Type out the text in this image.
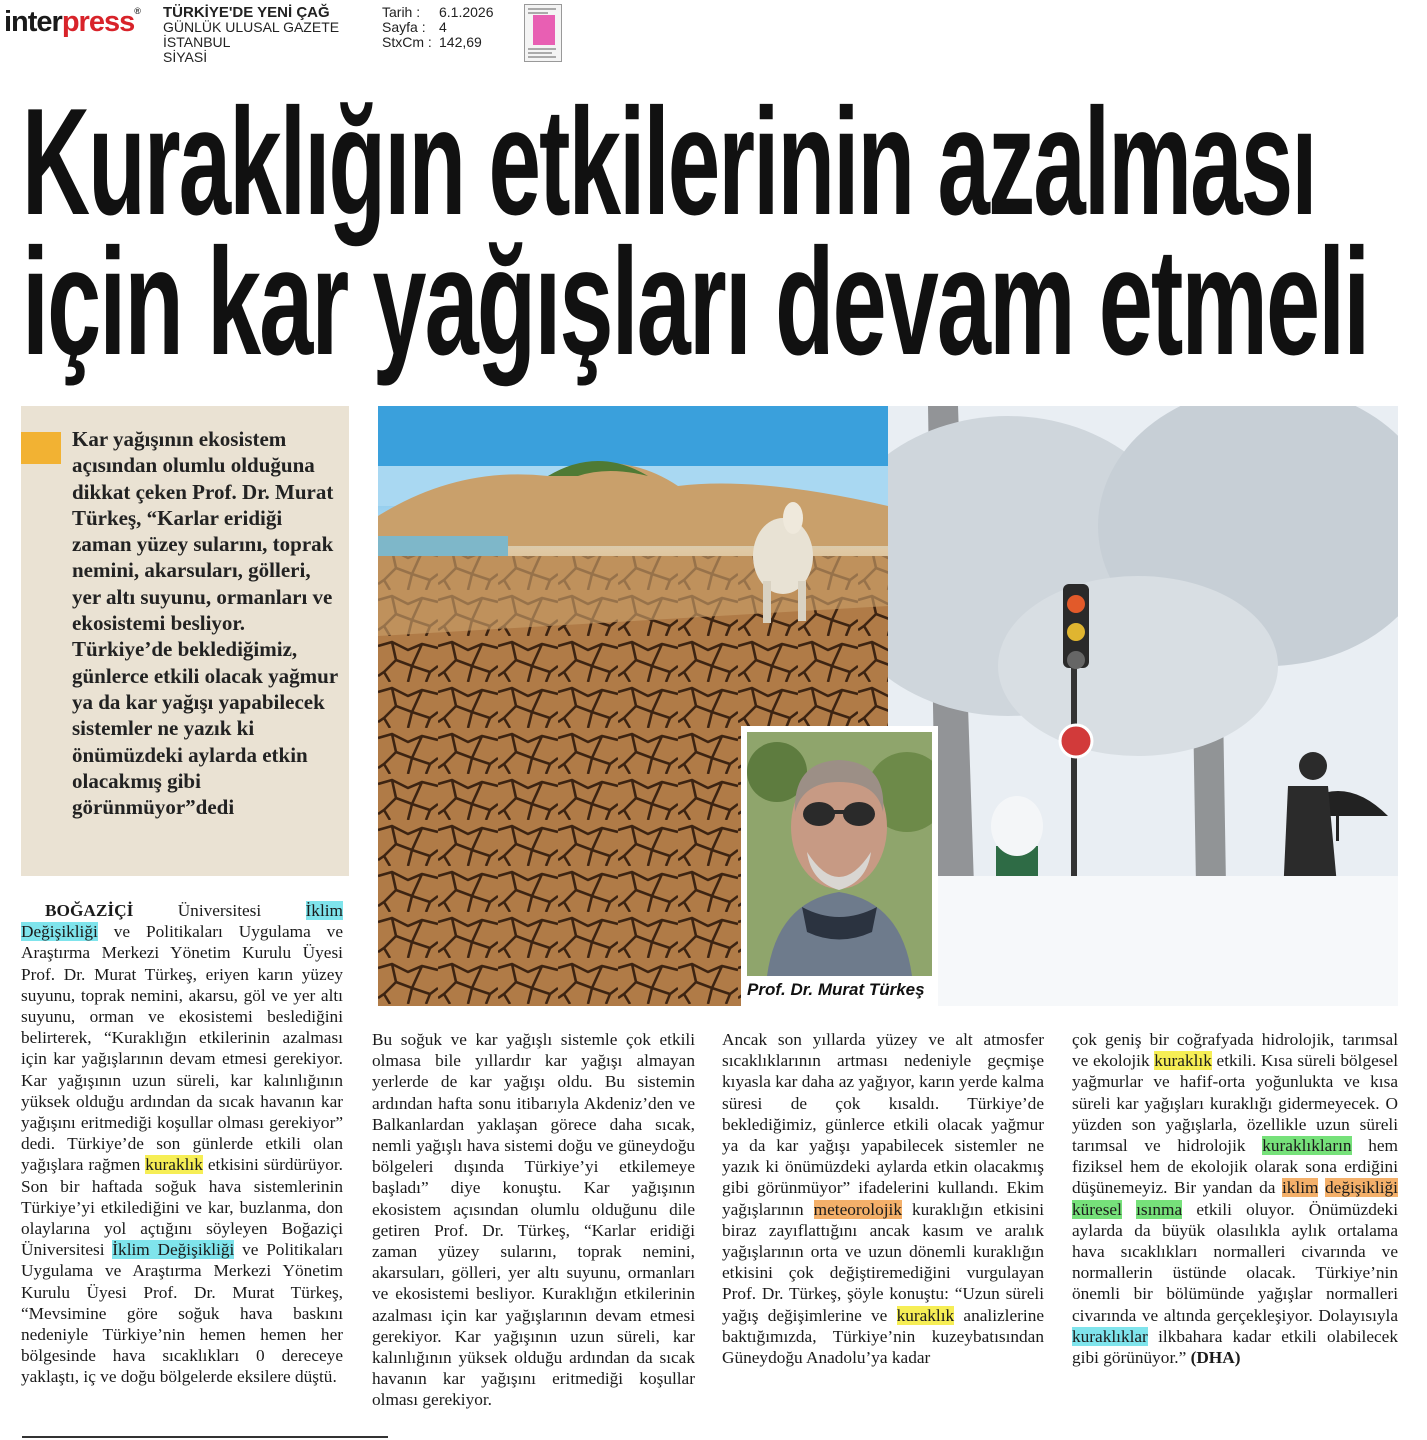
interpress® TÜRKİYE'DE YENİ ÇAĞ
GÜNLÜK ULUSAL GAZETE
İSTANBUL
SİYASİ
Tarih : 6.1.2026
Sayfa : 4
StxCm : 142,69
Kuraklığın etkilerinin azalması
için kar yağışları devam etmeli
Kar yağışının ekosistem açısından olumlu olduğuna dikkat çeken Prof. Dr. Murat Türkeş, “Karlar eridiği zaman yüzey sularını, toprak nemini, akarsuları, gölleri, yer altı suyunu, ormanları ve ekosistemi besliyor. Türkiye’de beklediğimiz, günlerce etkili olacak yağmur ya da kar yağışı yapabilecek sistemler ne yazık ki önümüzdeki aylarda etkin olacakmış gibi görünmüyor”dedi
Prof. Dr. Murat Türkeş
BOĞAZİÇİ Üniversitesi İklim Değişikliği ve Politikaları Uygulama ve Araştırma Merkezi Yönetim Kurulu Üyesi Prof. Dr. Murat Türkeş, eriyen karın yüzey suyunu, toprak nemini, akarsu, göl ve yer altı suyunu, orman ve ekosistemi beslediğini belirterek, “Kuraklığın etkilerinin azalması için kar yağışlarının devam etmesi gerekiyor. Kar yağışının uzun süreli, kar kalınlığının yüksek olduğu ardından da sıcak havanın kar yağışını eritmediği koşullar olması gerekiyor” dedi. Türkiye’de son günlerde etkili olan yağışlara rağmen kuraklık etkisini sürdürüyor. Son bir haftada soğuk hava sistemlerinin Türkiye’yi etkilediğini ve kar, buzlanma, don olaylarına yol açtığını söyleyen Boğaziçi Üniversitesi İklim Değişikliği ve Politikaları Uygulama ve Araştırma Merkezi Yönetim Kurulu Üyesi Prof. Dr. Murat Türkeş, “Mevsimine göre soğuk hava baskını nedeniyle Türkiye’nin hemen hemen her bölgesinde hava sıcaklıkları 0 dereceye yaklaştı, iç ve doğu bölgelerde eksilere düştü.
Bu soğuk ve kar yağışlı sistemle çok etkili olmasa bile yıllardır kar yağışı almayan yerlerde de kar yağışı oldu. Bu sistemin ardından hafta sonu itibarıyla Akdeniz’den ve Balkanlardan yaklaşan görece daha sıcak, nemli yağışlı hava sistemi doğu ve güneydoğu bölgeleri dışında Türkiye’yi etkilemeye başladı” diye konuştu. Kar yağışının ekosistem açısından olumlu olduğunu dile getiren Prof. Dr. Türkeş, “Karlar eridiği zaman yüzey sularını, toprak nemini, akarsuları, gölleri, yer altı suyunu, ormanları ve ekosistemi besliyor. Kuraklığın etkilerinin azalması için kar yağışlarının devam etmesi gerekiyor. Kar yağışının uzun süreli, kar kalınlığının yüksek olduğu ardından da sıcak havanın kar yağışını eritmediği koşullar olması gerekiyor.
Ancak son yıllarda yüzey ve alt atmosfer sıcaklıklarının artması nedeniyle geçmişe kıyasla kar daha az yağıyor, karın yerde kalma süresi de çok kısaldı. Türkiye’de beklediğimiz, günlerce etkili olacak yağmur ya da kar yağışı yapabilecek sistemler ne yazık ki önümüzdeki aylarda etkin olacakmış gibi görünmüyor” ifadelerini kullandı. Ekim yağışlarının meteorolojik kuraklığın etkisini biraz zayıflattığını ancak kasım ve aralık yağışlarının orta ve uzun dönemli kuraklığın etkisini çok değiştiremediğini vurgulayan Prof. Dr. Türkeş, şöyle konuştu: “Uzun süreli yağış değişimlerine ve kuraklık analizlerine baktığımızda, Türkiye’nin kuzeybatısından Güneydoğu Anadolu’ya kadar
çok geniş bir coğrafyada hidrolojik, tarımsal ve ekolojik kuraklık etkili. Kısa süreli bölgesel yağmurlar ve hafif-orta yoğunlukta ve kısa süreli kar yağışları kuraklığı gidermeyecek. O yüzden son yağışlarla, özellikle uzun süreli tarımsal ve hidrolojik kuraklıkların hem fiziksel hem de ekolojik olarak sona erdiğini düşünemeyiz. Bir yandan da iklim değişikliği küresel ısınma etkili oluyor. Önümüzdeki aylarda da büyük olasılıkla aylık ortalama hava sıcaklıkları normalleri civarında ve normallerin üstünde olacak. Türkiye’nin önemli bir bölümünde yağışlar normalleri civarında ve altında gerçekleşiyor. Dolayısıyla kuraklıklar ilkbahara kadar etkili olabilecek gibi görünüyor.” (DHA)
